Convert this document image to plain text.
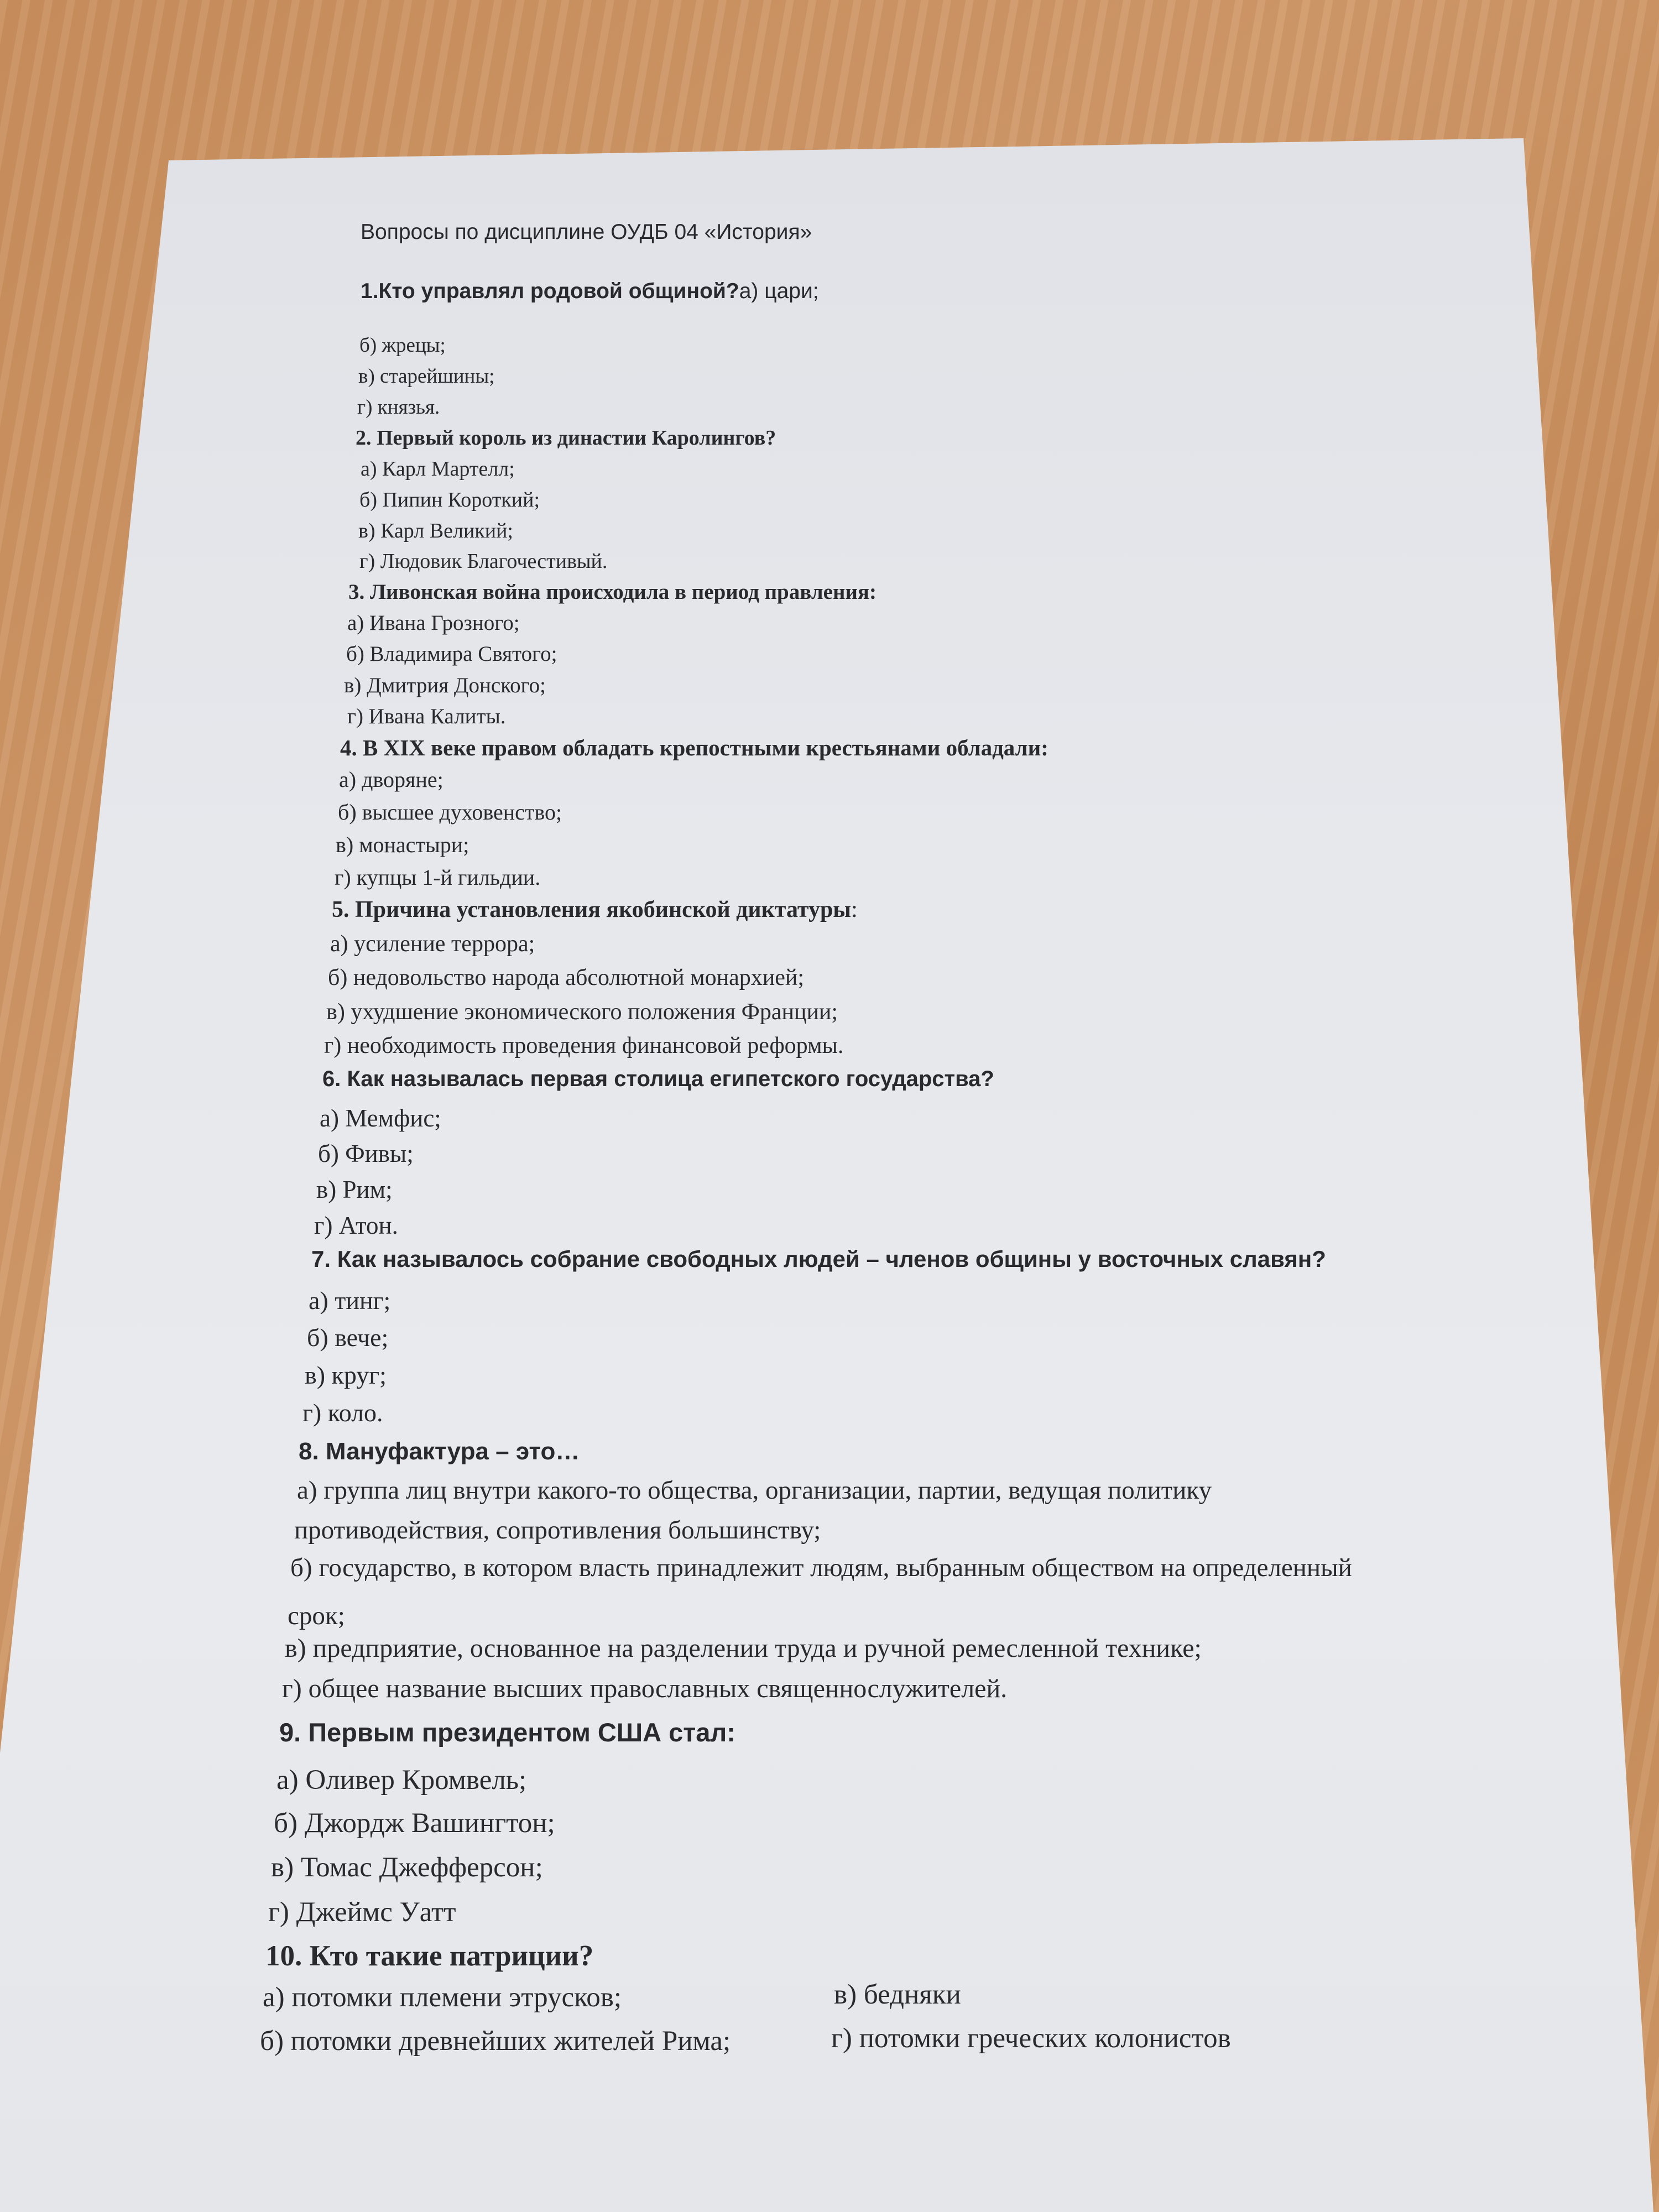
Вопросы по дисциплине ОУДБ 04 «История»
1.Кто управлял родовой общиной?а) цари;
б) жрецы;
в) старейшины;
г) князья.
2. Первый король из династии Каролингов?
а) Карл Мартелл;
б) Пипин Короткий;
в) Карл Великий;
г) Людовик Благочестивый.
3. Ливонская война происходила в период правления:
а) Ивана Грозного;
б) Владимира Святого;
в) Дмитрия Донского;
г) Ивана Калиты.
4. В XIX веке правом обладать крепостными крестьянами обладали:
а) дворяне;
б) высшее духовенство;
в) монастыри;
г) купцы 1-й гильдии.
5. Причина установления якобинской диктатуры:
а) усиление террора;
б) недовольство народа абсолютной монархией;
в) ухудшение экономического положения Франции;
г) необходимость проведения финансовой реформы.
6. Как называлась первая столица египетского государства?
а) Мемфис;
б) Фивы;
в) Рим;
г) Атон.
7. Как называлось собрание свободных людей – членов общины у восточных славян?
а) тинг;
б) вече;
в) круг;
г) коло.
8. Мануфактура – это…
а) группа лиц внутри какого-то общества, организации, партии, ведущая политику
противодействия, сопротивления большинству;
б) государство, в котором власть принадлежит людям, выбранным обществом на определенный
срок;
в) предприятие, основанное на разделении труда и ручной ремесленной технике;
г) общее название высших православных священнослужителей.
9. Первым президентом США стал:
а) Оливер Кромвель;
б) Джордж Вашингтон;
в) Томас Джефферсон;
г) Джеймс Уатт
10. Кто такие патриции?
а) потомки племени этрусков;
б) потомки древнейших жителей Рима;
в) бедняки
г) потомки греческих колонистов
